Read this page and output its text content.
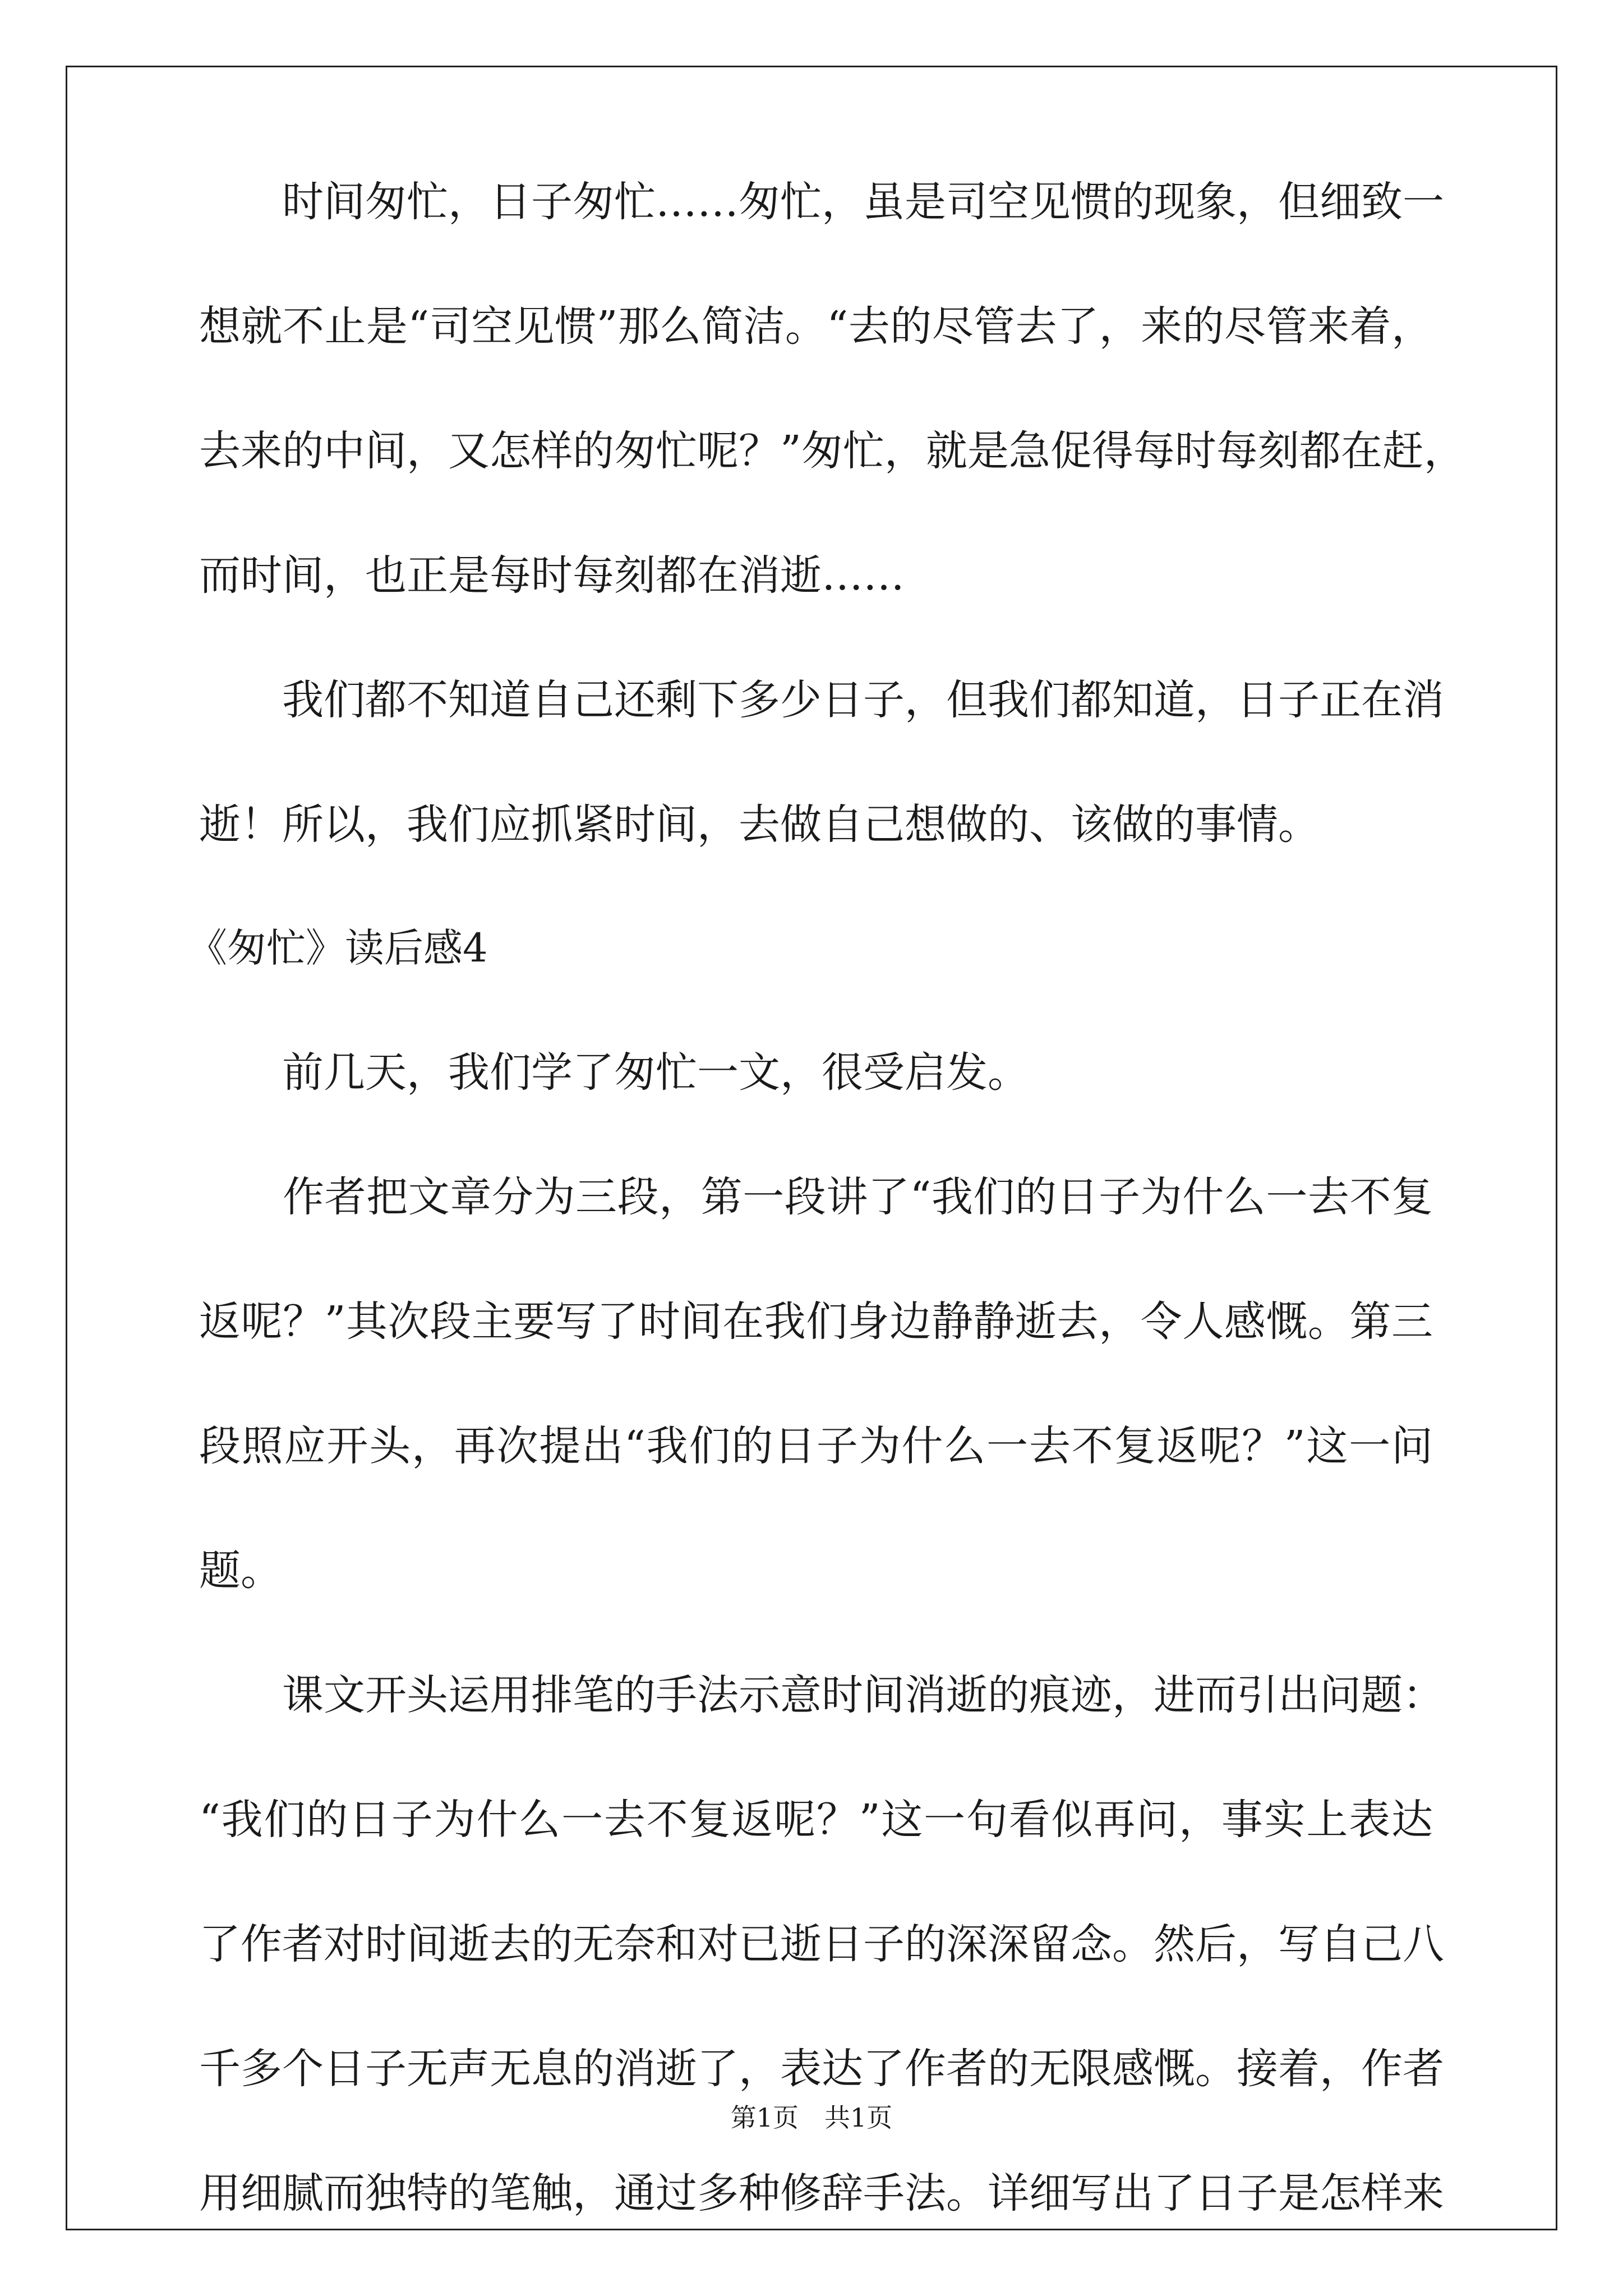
　　时间匆忙，日子匆忙……匆忙，虽是司空见惯的现象，但细致一
想就不止是“司空见惯”那么简洁。“去的尽管去了，来的尽管来着，
去来的中间，又怎样的匆忙呢？”匆忙，就是急促得每时每刻都在赶，
而时间，也正是每时每刻都在消逝……
　　我们都不知道自己还剩下多少日子，但我们都知道，日子正在消
逝！所以，我们应抓紧时间，去做自己想做的、该做的事情。
《匆忙》读后感4
　　前几天，我们学了匆忙一文，很受启发。
　　作者把文章分为三段，第一段讲了“我们的日子为什么一去不复
返呢？”其次段主要写了时间在我们身边静静逝去，令人感慨。第三
段照应开头，再次提出“我们的日子为什么一去不复返呢？”这一问
题。
　　课文开头运用排笔的手法示意时间消逝的痕迹，进而引出问题：
“我们的日子为什么一去不复返呢？”这一句看似再问，事实上表达
了作者对时间逝去的无奈和对已逝日子的深深留念。然后，写自己八
千多个日子无声无息的消逝了，表达了作者的无限感慨。接着，作者
用细腻而独特的笔触，通过多种修辞手法。详细写出了日子是怎样来
第1页　共1页
